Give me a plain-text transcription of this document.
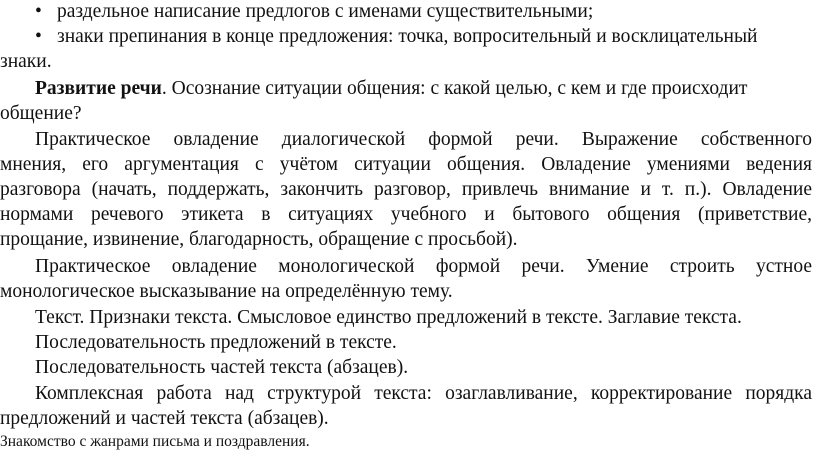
• раздельное написание предлогов с именами существительными;
• знаки препинания в конце предложения: точка, вопросительный и восклицательный
знаки.
Развитие речи. Осознание ситуации общения: с какой целью, с кем и где происходит
общение?
Практическое овладение диалогической формой речи. Выражение собственного
мнения, его аргументация с учётом ситуации общения. Овладение умениями ведения
разговора (начать, поддержать, закончить разговор, привлечь внимание и т. п.). Овладение
нормами речевого этикета в ситуациях учебного и бытового общения (приветствие,
прощание, извинение, благодарность, обращение с просьбой).
Практическое овладение монологической формой речи. Умение строить устное
монологическое высказывание на определённую тему.
Текст. Признаки текста. Смысловое единство предложений в тексте. Заглавие текста.
Последовательность предложений в тексте.
Последовательность частей текста (абзацев).
Комплексная работа над структурой текста: озаглавливание, корректирование порядка
предложений и частей текста (абзацев).
Знакомство с жанрами письма и поздравления.
